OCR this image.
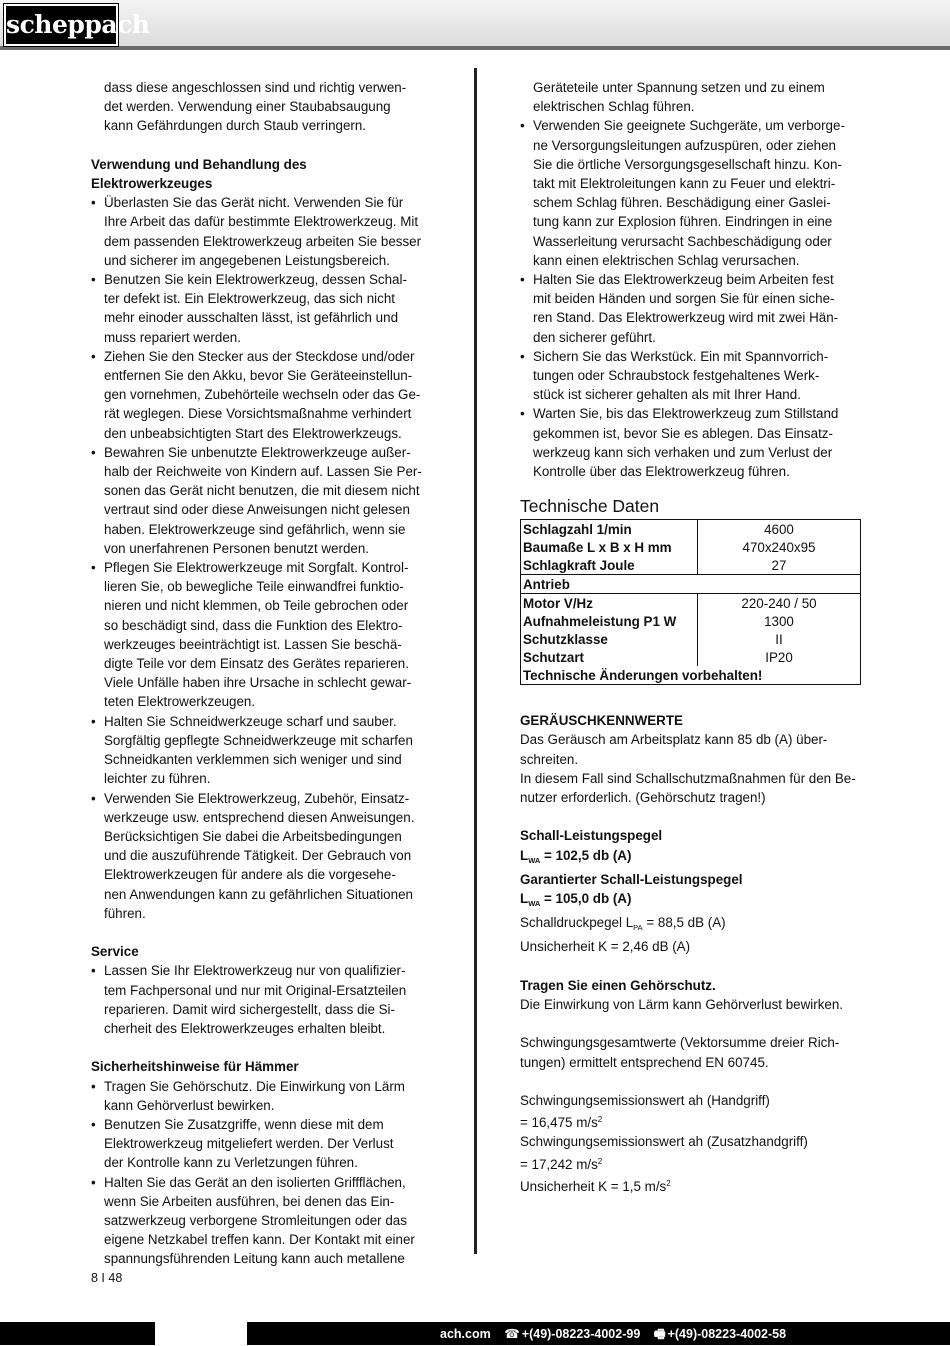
scheppach
dass diese angeschlossen sind und richtig verwen-
det werden. Verwendung einer Staubabsaugung
kann Gefährdungen durch Staub verringern.
Verwendung und Behandlung des Elektrowerkzeuges
• Überlasten Sie das Gerät nicht. Verwenden Sie für
Ihre Arbeit das dafür bestimmte Elektrowerkzeug. Mit
dem passenden Elektrowerkzeug arbeiten Sie besser
und sicherer im angegebenen Leistungsbereich.
• Benutzen Sie kein Elektrowerkzeug, dessen Schal-
ter defekt ist. Ein Elektrowerkzeug, das sich nicht
mehr einoder ausschalten lässt, ist gefährlich und
muss repariert werden.
• Ziehen Sie den Stecker aus der Steckdose und/oder
entfernen Sie den Akku, bevor Sie Geräteeinstellun-
gen vornehmen, Zubehörteile wechseln oder das Ge-
rät weglegen. Diese Vorsichtsmaßnahme verhindert
den unbeabsichtigten Start des Elektrowerkzeugs.
• Bewahren Sie unbenutzte Elektrowerkzeuge außer-
halb der Reichweite von Kindern auf. Lassen Sie Per-
sonen das Gerät nicht benutzen, die mit diesem nicht
vertraut sind oder diese Anweisungen nicht gelesen
haben. Elektrowerkzeuge sind gefährlich, wenn sie
von unerfahrenen Personen benutzt werden.
• Pflegen Sie Elektrowerkzeuge mit Sorgfalt. Kontrol-
lieren Sie, ob bewegliche Teile einwandfrei funktio-
nieren und nicht klemmen, ob Teile gebrochen oder
so beschädigt sind, dass die Funktion des Elektro-
werkzeuges beeinträchtigt ist. Lassen Sie beschä-
digte Teile vor dem Einsatz des Gerätes reparieren.
Viele Unfälle haben ihre Ursache in schlecht gewar-
teten Elektrowerkzeugen.
• Halten Sie Schneidwerkzeuge scharf und sauber.
Sorgfältig gepflegte Schneidwerkzeuge mit scharfen
Schneidkanten verklemmen sich weniger und sind
leichter zu führen.
• Verwenden Sie Elektrowerkzeug, Zubehör, Einsatz-
werkzeuge usw. entsprechend diesen Anweisungen.
Berücksichtigen Sie dabei die Arbeitsbedingungen
und die auszuführende Tätigkeit. Der Gebrauch von
Elektrowerkzeugen für andere als die vorgesehe-
nen Anwendungen kann zu gefährlichen Situationen
führen.
Service
• Lassen Sie Ihr Elektrowerkzeug nur von qualifizier-
tem Fachpersonal und nur mit Original-Ersatzteilen
reparieren. Damit wird sichergestellt, dass die Si-
cherheit des Elektrowerkzeuges erhalten bleibt.
Sicherheitshinweise für Hämmer
• Tragen Sie Gehörschutz. Die Einwirkung von Lärm
kann Gehörverlust bewirken.
• Benutzen Sie Zusatzgriffe, wenn diese mit dem
Elektrowerkzeug mitgeliefert werden. Der Verlust
der Kontrolle kann zu Verletzungen führen.
• Halten Sie das Gerät an den isolierten Griffflächen,
wenn Sie Arbeiten ausführen, bei denen das Ein-
satzwerkzeug verborgene Stromleitungen oder das
eigene Netzkabel treffen kann. Der Kontakt mit einer
spannungsführenden Leitung kann auch metallene
Geräteteile unter Spannung setzen und zu einem
elektrischen Schlag führen.
• Verwenden Sie geeignete Suchgeräte, um verborge-
ne Versorgungsleitungen aufzuspüren, oder ziehen
Sie die örtliche Versorgungsgesellschaft hinzu. Kon-
takt mit Elektroleitungen kann zu Feuer und elektri-
schem Schlag führen. Beschädigung einer Gaslei-
tung kann zur Explosion führen. Eindringen in eine
Wasserleitung verursacht Sachbeschädigung oder
kann einen elektrischen Schlag verursachen.
• Halten Sie das Elektrowerkzeug beim Arbeiten fest
mit beiden Händen und sorgen Sie für einen siche-
ren Stand. Das Elektrowerkzeug wird mit zwei Hän-
den sicherer geführt.
• Sichern Sie das Werkstück. Ein mit Spannvorrich-
tungen oder Schraubstock festgehaltenes Werk-
stück ist sicherer gehalten als mit Ihrer Hand.
• Warten Sie, bis das Elektrowerkzeug zum Stillstand
gekommen ist, bevor Sie es ablegen. Das Einsatz-
werkzeug kann sich verhaken und zum Verlust der
Kontrolle über das Elektrowerkzeug führen.
Technische Daten
Schlagzahl 1/min	4600
Baumaße L x B x H mm	470x240x95
Schlagkraft Joule	27
Antrieb	
Motor V/Hz	220-240 / 50
Aufnahmeleistung P1 W	1300
Schutzklasse	II
Schutzart	IP20
Technische Änderungen vorbehalten!	
GERÄUSCHKENNWERTE
Das Geräusch am Arbeitsplatz kann 85 db (A) über-
schreiten.
In diesem Fall sind Schallschutzmaßnahmen für den Be-
nutzer erforderlich. (Gehörschutz tragen!)
Schall-Leistungspegel
$L_{WA} = 102,5$ db (A)
Garantierter Schall-Leistungspegel
$L_{WA} = 105,0$ db (A)
Schalldruckpegel $L_{PA} = 88,5$ dB (A)
Unsicherheit K = 2,46 dB (A)
Tragen Sie einen Gehörschutz.
Die Einwirkung von Lärm kann Gehörverlust bewirken.
Schwingungsgesamtwerte (Vektorsumme dreier Rich-
tungen) ermittelt entsprechend EN 60745.
Schwingungsemissionswert ah (Handgriff)
= 16,475 $m/s^2$
Schwingungsemissionswert ah (Zusatzhandgriff)
= 17,242 $m/s^2$
Unsicherheit K = 1,5 $m/s^2$
8 I 48
ach.com ☎ +(49)-08223-4002-99 🖷 +(49)-08223-4002-58
